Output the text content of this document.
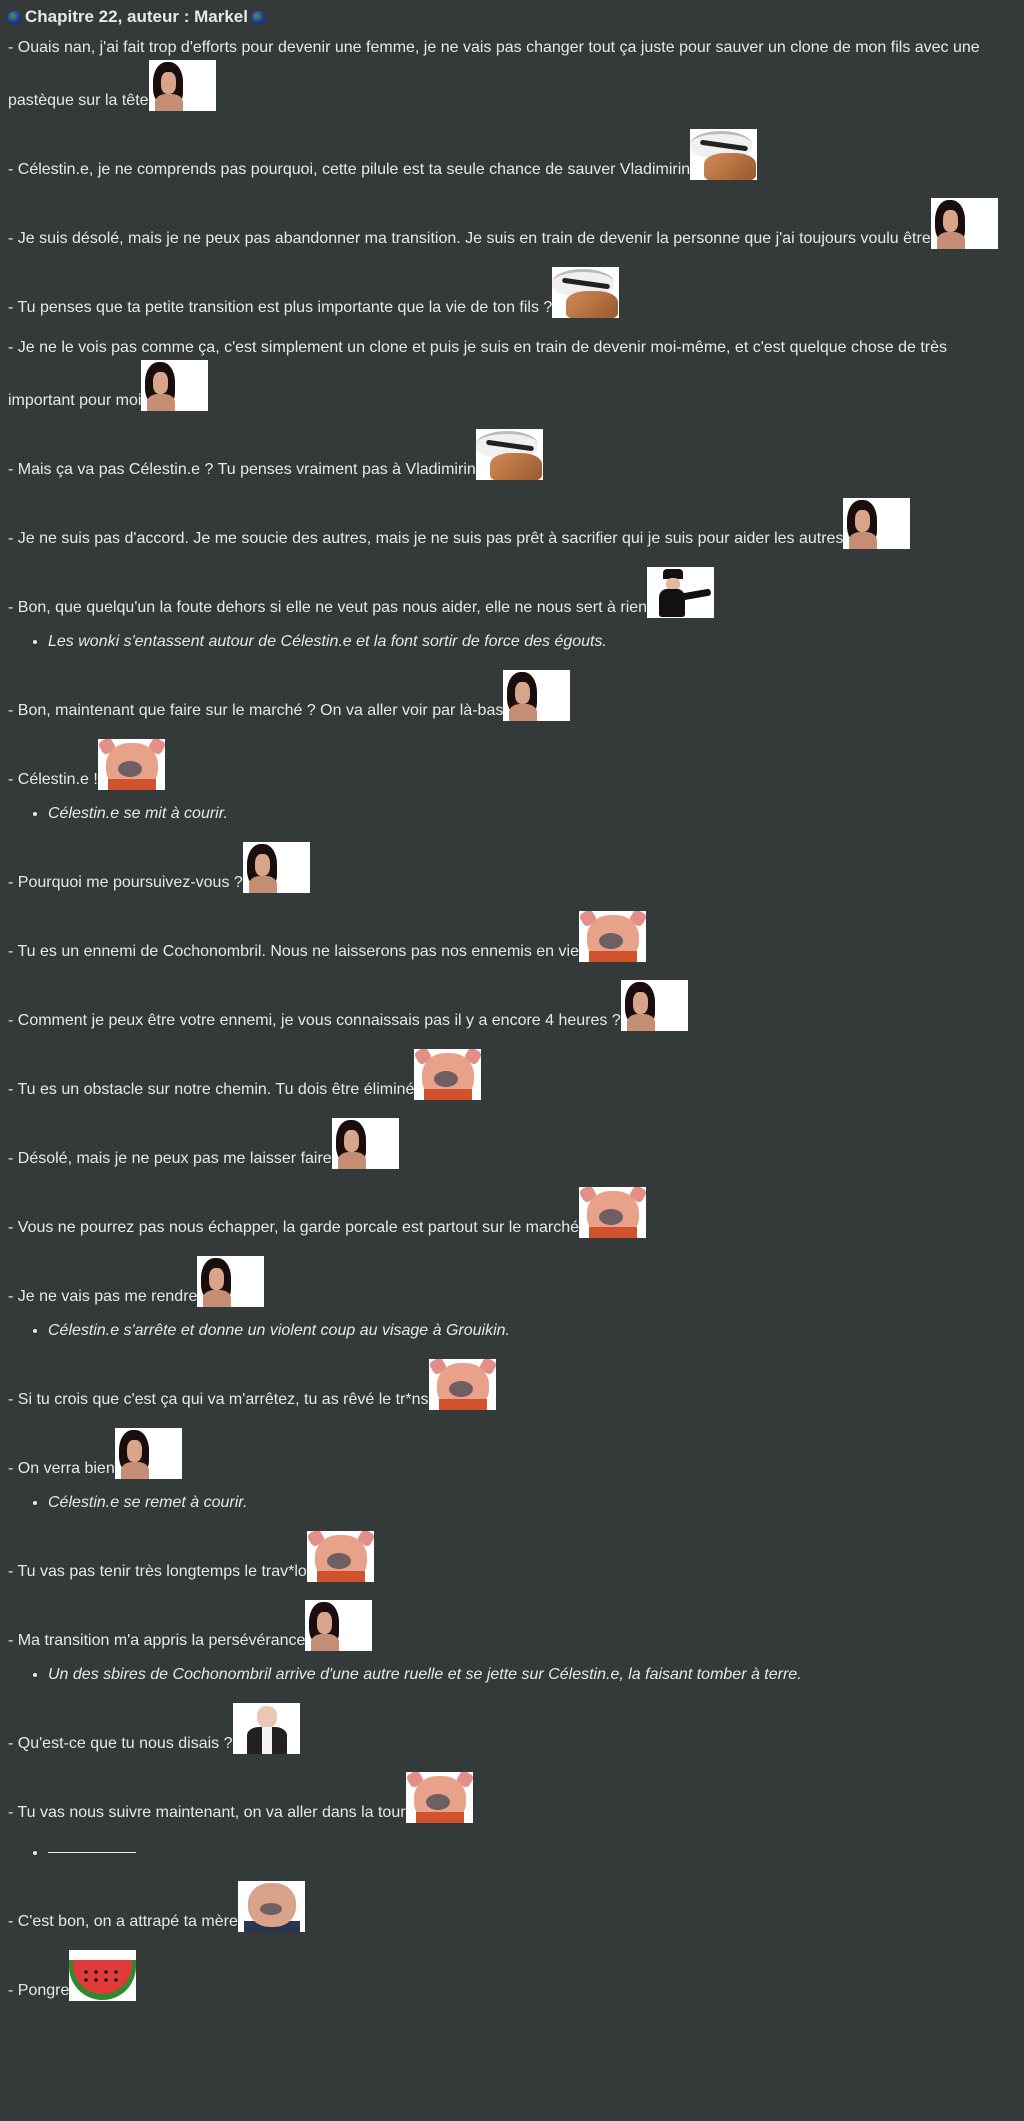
Chapitre 22, auteur : Markel
- Ouais nan, j'ai fait trop d'efforts pour devenir une femme, je ne vais pas changer tout ça juste pour sauver un clone de mon fils avec une pastèque sur la tête
- Célestin.e, je ne comprends pas pourquoi, cette pilule est ta seule chance de sauver Vladimirin
- Je suis désolé, mais je ne peux pas abandonner ma transition. Je suis en train de devenir la personne que j'ai toujours voulu être
- Tu penses que ta petite transition est plus importante que la vie de ton fils ?
- Je ne le vois pas comme ça, c'est simplement un clone et puis je suis en train de devenir moi-même, et c'est quelque chose de très important pour moi
- Mais ça va pas Célestin.e ? Tu penses vraiment pas à Vladimirin
- Je ne suis pas d'accord. Je me soucie des autres, mais je ne suis pas prêt à sacrifier qui je suis pour aider les autres
- Bon, que quelqu'un la foute dehors si elle ne veut pas nous aider, elle ne nous sert à rien
• Les wonki s'entassent autour de Célestin.e et la font sortir de force des égouts.
- Bon, maintenant que faire sur le marché ? On va aller voir par là-bas
- Célestin.e !
• Célestin.e se mit à courir.
- Pourquoi me poursuivez-vous ?
- Tu es un ennemi de Cochonombril. Nous ne laisserons pas nos ennemis en vie
- Comment je peux être votre ennemi, je vous connaissais pas il y a encore 4 heures ?
- Tu es un obstacle sur notre chemin. Tu dois être éliminé
- Désolé, mais je ne peux pas me laisser faire
- Vous ne pourrez pas nous échapper, la garde porcale est partout sur le marché
- Je ne vais pas me rendre
• Célestin.e s'arrête et donne un violent coup au visage à Grouikin.
- Si tu crois que c'est ça qui va m'arrêtez, tu as rêvé le tr*ns
- On verra bien
• Célestin.e se remet à courir.
- Tu vas pas tenir très longtemps le trav*lo
- Ma transition m'a appris la persévérance
• Un des sbires de Cochonombril arrive d'une autre ruelle et se jette sur Célestin.e, la faisant tomber à terre.
- Qu'est-ce que tu nous disais ?
- Tu vas nous suivre maintenant, on va aller dans la tour
•
- C'est bon, on a attrapé ta mère
- Pongre
